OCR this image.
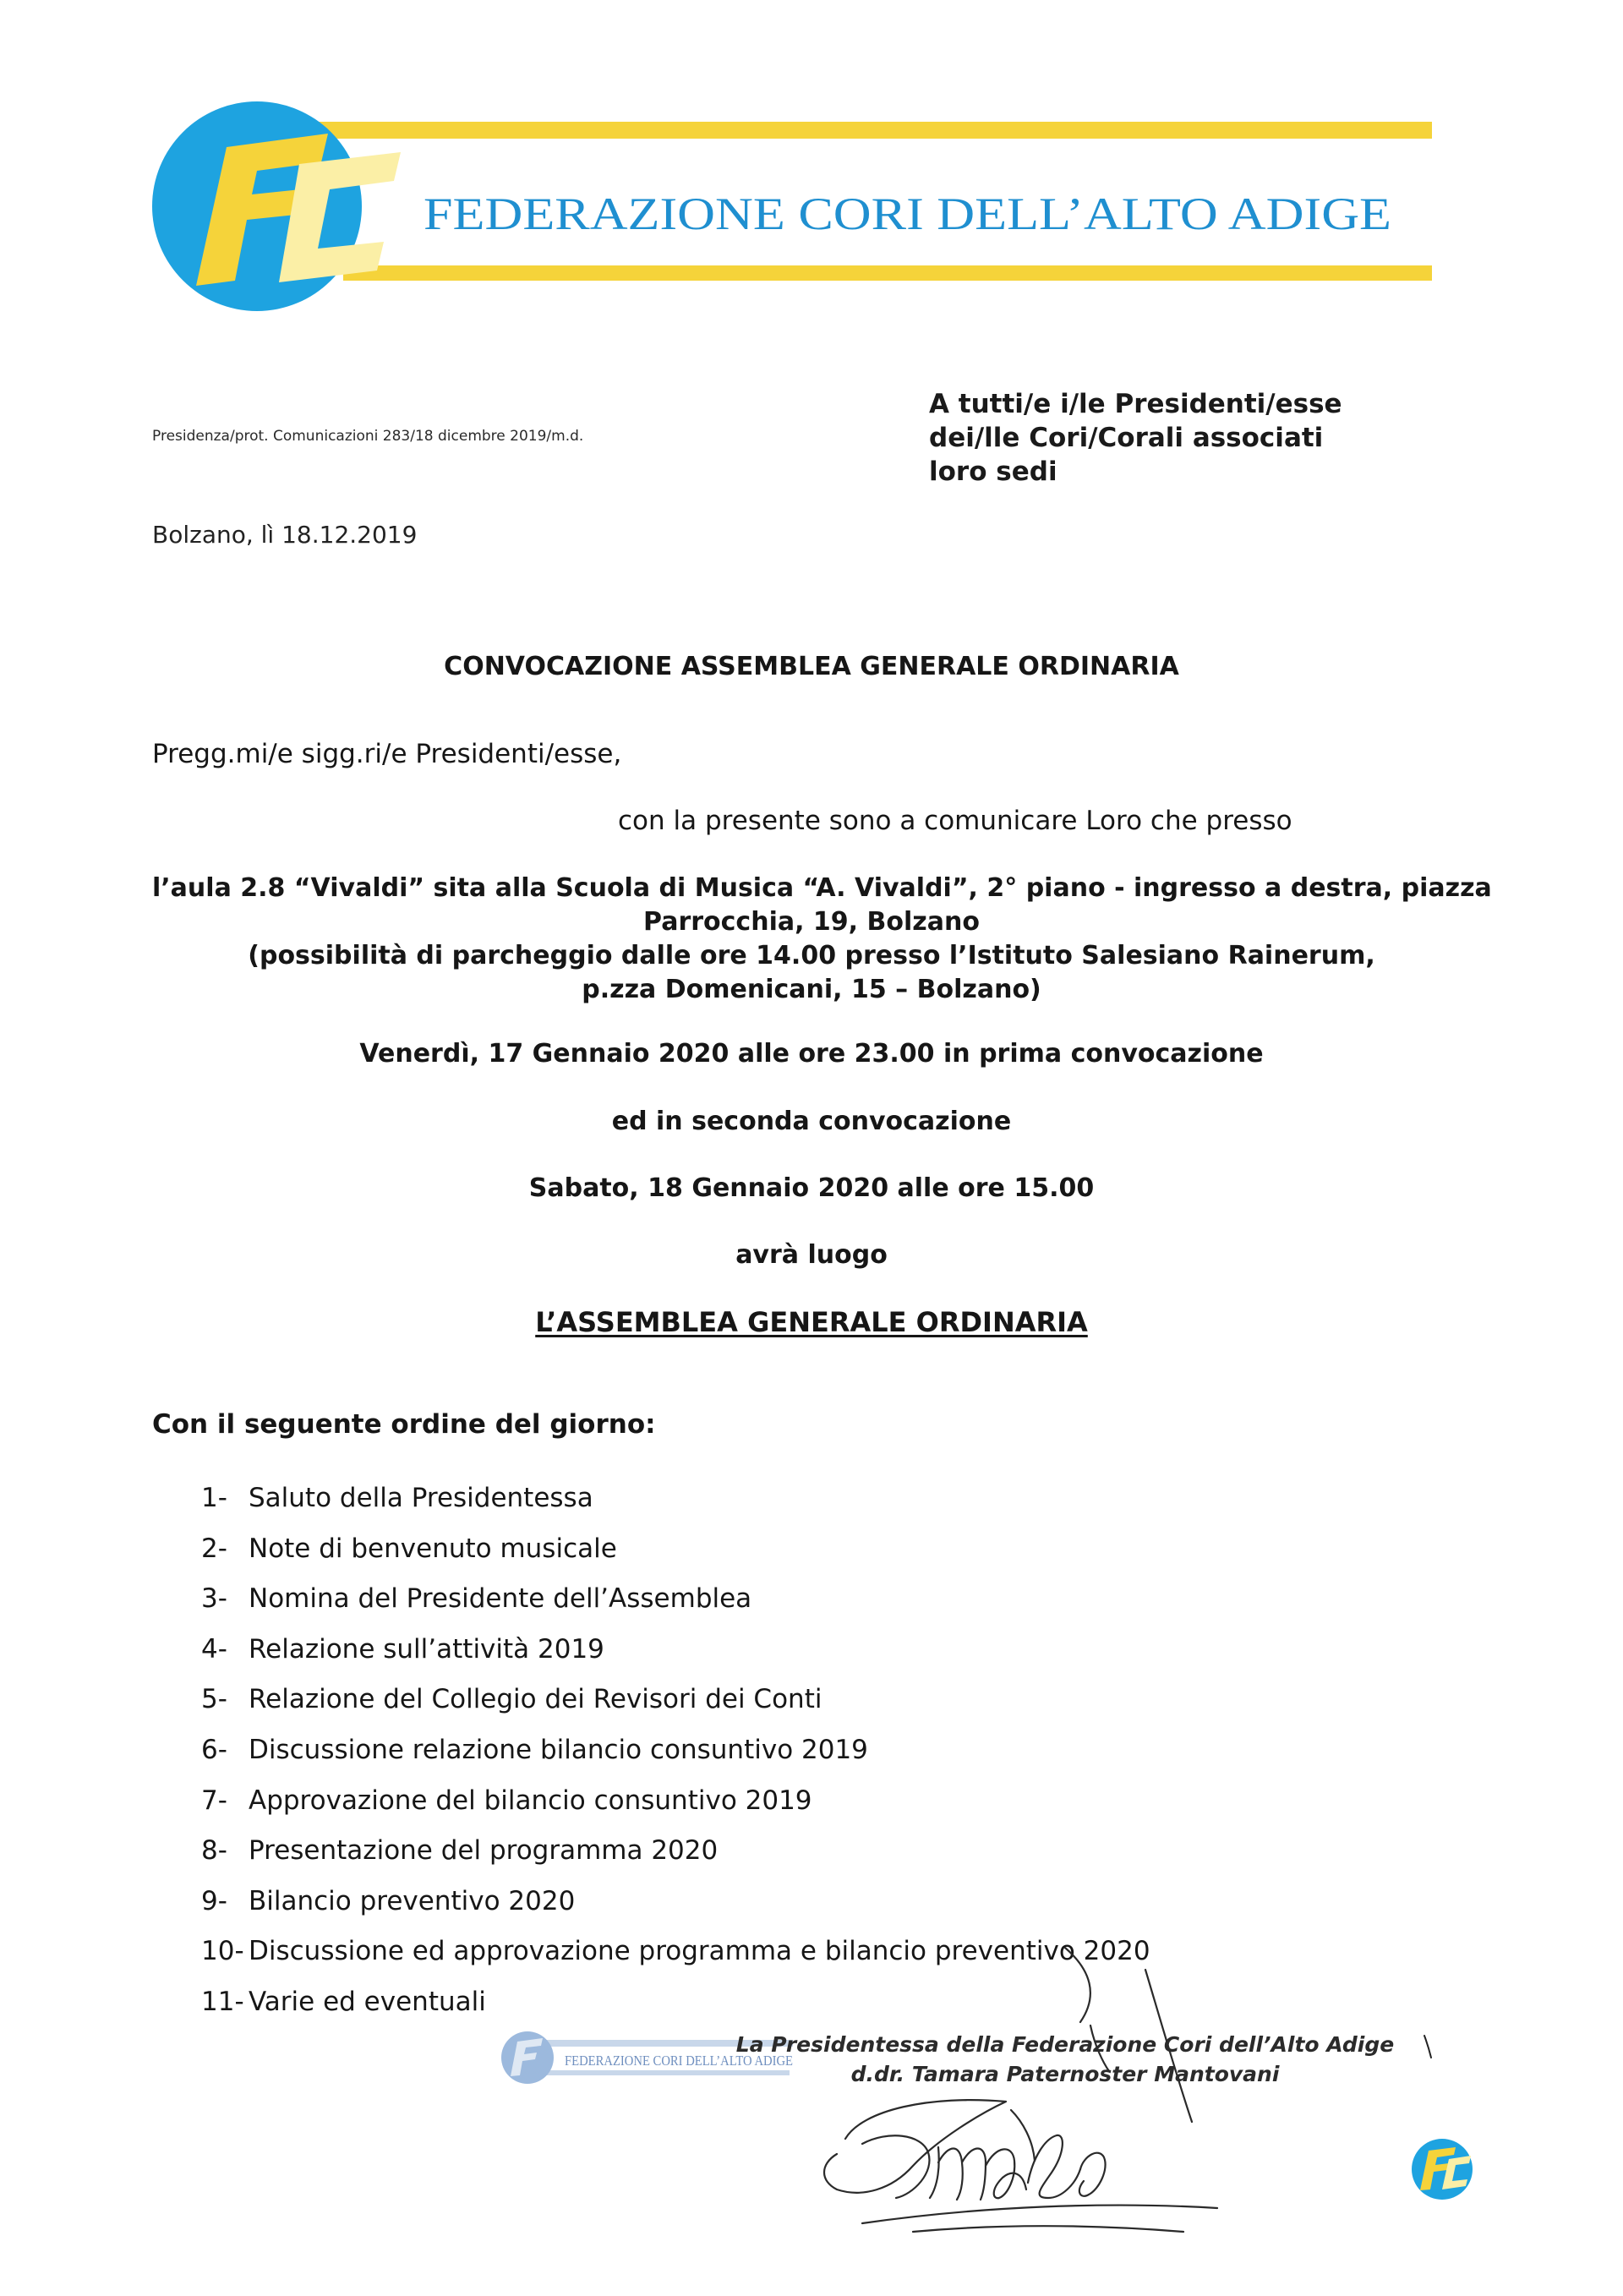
FEDERAZIONE CORI DELL’ALTO ADIGE
Presidenza/prot. Comunicazioni 283/18 dicembre 2019/m.d.
A tutti/e i/le Presidenti/esse
dei/lle Cori/Corali associati
loro sedi
Bolzano, lì 18.12.2019
CONVOCAZIONE ASSEMBLEA GENERALE ORDINARIA
Pregg.mi/e sigg.ri/e Presidenti/esse,
con la presente sono a comunicare Loro che presso
l’aula 2.8 “Vivaldi” sita alla Scuola di Musica “A. Vivaldi”, 2° piano - ingresso a destra, piazza
Parrocchia, 19, Bolzano
(possibilità di parcheggio dalle ore 14.00 presso l’Istituto Salesiano Rainerum,
p.zza Domenicani, 15 – Bolzano)
Venerdì, 17 Gennaio 2020 alle ore 23.00 in prima convocazione
ed in seconda convocazione
Sabato, 18 Gennaio 2020 alle ore 15.00
avrà luogo
L’ASSEMBLEA GENERALE ORDINARIA
Con il seguente ordine del giorno:
1- Saluto della Presidentessa
2- Note di benvenuto musicale
3- Nomina del Presidente dell’Assemblea
4- Relazione sull’attività 2019
5- Relazione del Collegio dei Revisori dei Conti
6- Discussione relazione bilancio consuntivo 2019
7- Approvazione del bilancio consuntivo 2019
8- Presentazione del programma 2020
9- Bilancio preventivo 2020
10- Discussione ed approvazione programma e bilancio preventivo 2020
11- Varie ed eventuali
FEDERAZIONE CORI DELL’ALTO ADIGE
La Presidentessa della Federazione Cori dell’Alto Adige
d.dr. Tamara Paternoster Mantovani
